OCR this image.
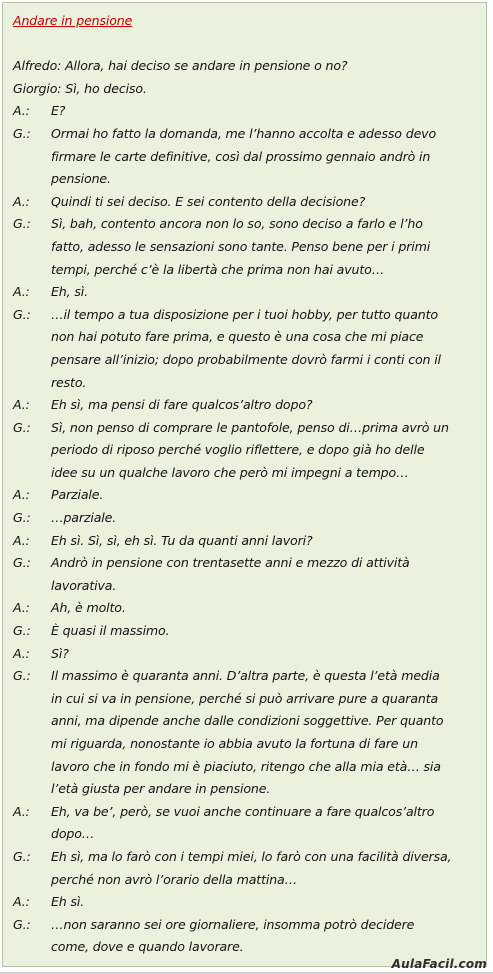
Andare in pensione
Alfredo: Allora, hai deciso se andare in pensione o no?
Giorgio: Sì, ho deciso.
A.:	E?
G.:	Ormai ho fatto la domanda, me l’hanno accolta e adesso devo
firmare le carte definitive, così dal prossimo gennaio andrò in
pensione.
A.:	Quindi ti sei deciso. E sei contento della decisione?
G.:	Sì, bah, contento ancora non lo so, sono deciso a farlo e l’ho
fatto, adesso le sensazioni sono tante. Penso bene per i primi
tempi, perché c’è la libertà che prima non hai avuto…
A.:	Eh, sì.
G.:	…il tempo a tua disposizione per i tuoi hobby, per tutto quanto
non hai potuto fare prima, e questo è una cosa che mi piace
pensare all’inizio; dopo probabilmente dovrò farmi i conti con il
resto.
A.:	Eh sì, ma pensi di fare qualcos’altro dopo?
G.:	Sì, non penso di comprare le pantofole, penso di…prima avrò un
periodo di riposo perché voglio riflettere, e dopo già ho delle
idee su un qualche lavoro che però mi impegni a tempo…
A.:	Parziale.
G.:	…parziale.
A.:	Eh sì. Sì, sì, eh sì. Tu da quanti anni lavori?
G.:	Andrò in pensione con trentasette anni e mezzo di attività
lavorativa.
A.:	Ah, è molto.
G.:	È quasi il massimo.
A.:	Sì?
G.:	Il massimo è quaranta anni. D’altra parte, è questa l’età media
in cui si va in pensione, perché si può arrivare pure a quaranta
anni, ma dipende anche dalle condizioni soggettive. Per quanto
mi riguarda, nonostante io abbia avuto la fortuna di fare un
lavoro che in fondo mi è piaciuto, ritengo che alla mia età… sia
l’età giusta per andare in pensione.
A.:	Eh, va be’, però, se vuoi anche continuare a fare qualcos’altro
dopo…
G.:	Eh sì, ma lo farò con i tempi miei, lo farò con una facilità diversa,
perché non avrò l’orario della mattina…
A.:	Eh sì.
G.:	…non saranno sei ore giornaliere, insomma potrò decidere
come, dove e quando lavorare.
AulaFacil.com
